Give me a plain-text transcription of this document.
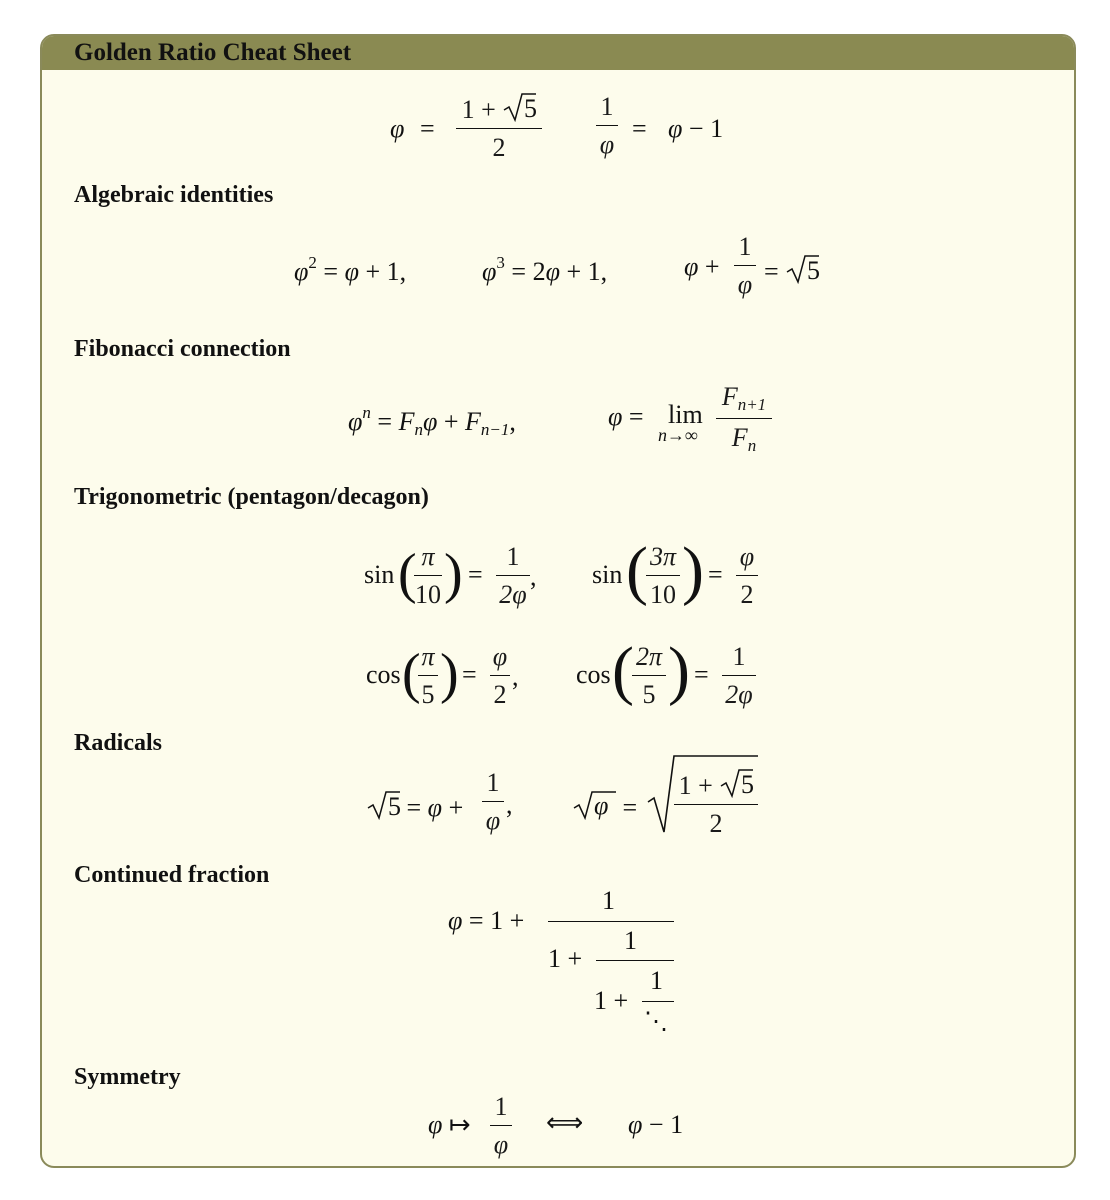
Golden Ratio Cheat Sheet
φ =
1 + 5
2
1
φ
= φ − 1
Algebraic identities
$\varphi^2 = \varphi + 1$,	$\varphi^3 = 2\varphi + 1$,	φ +
1
φ = 5
Fibonacci connection
$\varphi^n = F_n\varphi + F_{n-1}$,	φ = lim
n→∞
$F_{n+1}$
$F_n$
Trigonometric (pentagon/decagon)
sin ( π
10 ) =
1
2φ
, sin ( 3π
10 ) =
φ
2
cos ( π
5 ) =
φ
2
, cos ( 2π
5 ) =
1
2φ
Radicals
5 = φ +
1
φ
,	φ =
1 + 5
2
Continued fraction
φ = 1 +
1
1 +
1
1 +
1
⋱
Symmetry
φ ↦
1
φ
⟺ φ − 1
